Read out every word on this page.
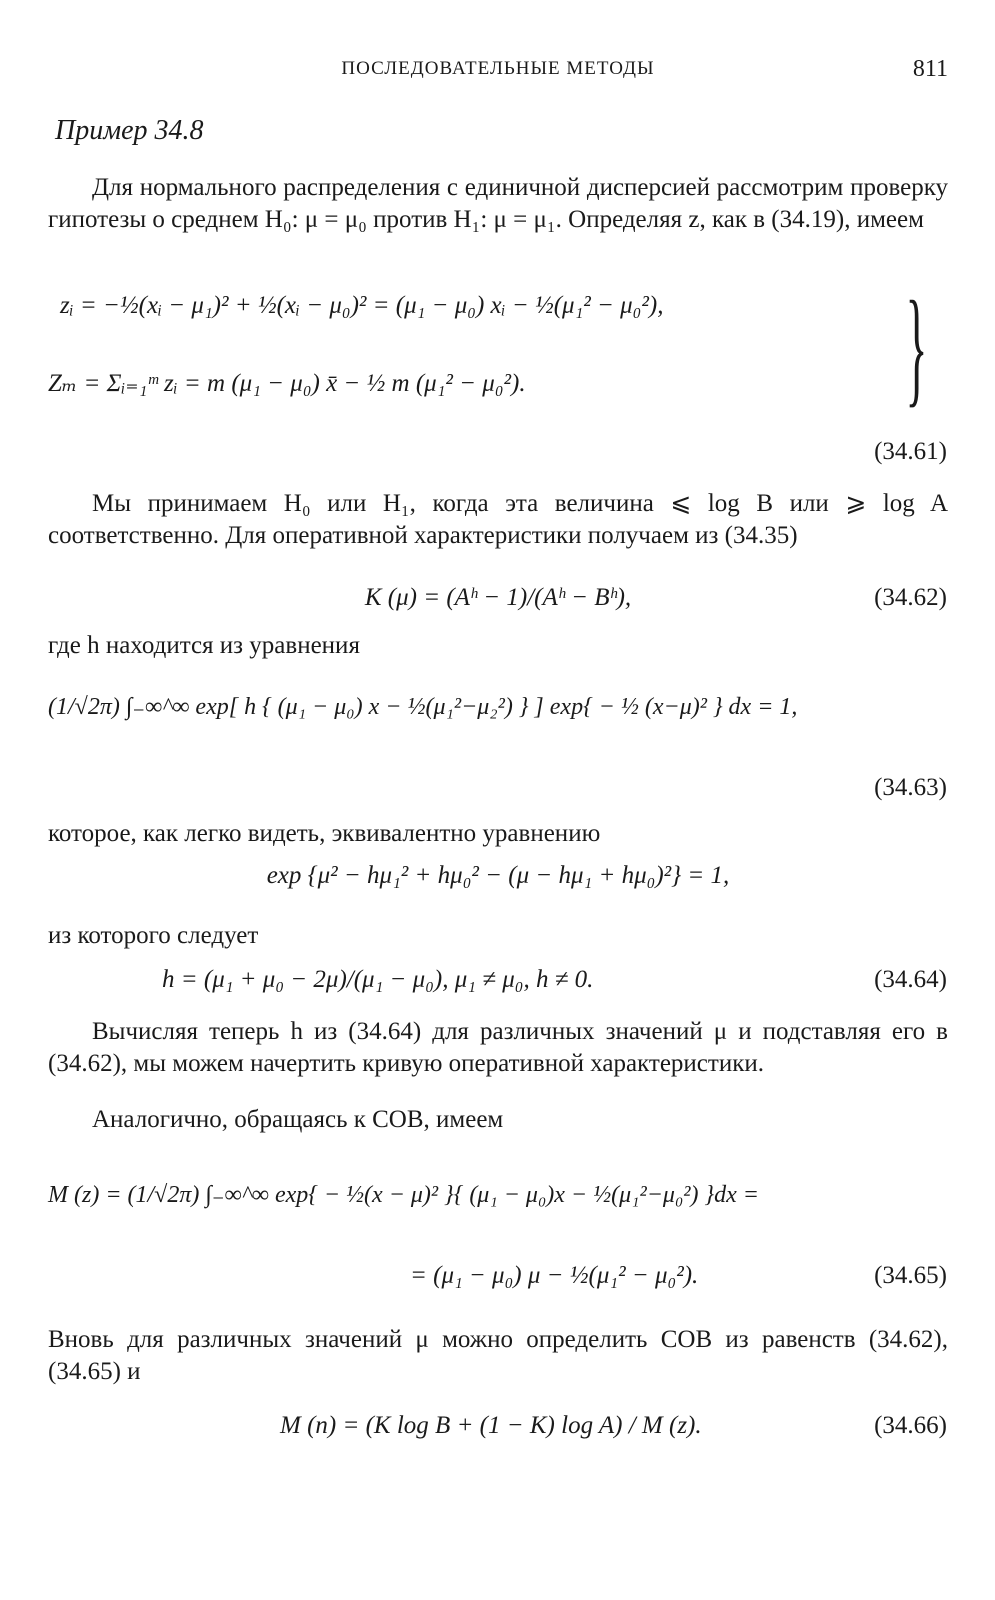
ПОСЛЕДОВАТЕЛЬНЫЕ МЕТОДЫ	811
Пример 34.8
Для нормального распределения с единичной дисперсией рассмотрим проверку гипотезы о среднем H₀: μ = μ₀ против H₁: μ = μ₁. Определяя z, как в (34.19), имеем
zᵢ = −½(xᵢ − μ₁)² + ½(xᵢ − μ₀)² = (μ₁ − μ₀) xᵢ − ½(μ₁² − μ₀²),
Zₘ = Σᵢ₌₁ᵐ zᵢ = m (μ₁ − μ₀) x̄ − ½ m (μ₁² − μ₀²).	}
(34.61)
Мы принимаем H₀ или H₁, когда эта величина ⩽ log B или ⩾ log A соответственно. Для оперативной характеристики получаем из (34.35)
K (μ) = (Aʰ − 1)/(Aʰ − Bʰ),	(34.62)
где h находится из уравнения
(1/√2π) ∫₋∞^∞ exp[ h { (μ₁ − μ₀) x − ½(μ₁²−μ₂²) } ] exp{ − ½ (x−μ)² } dx = 1,
(34.63)
которое, как легко видеть, эквивалентно уравнению
exp {μ² − hμ₁² + hμ₀² − (μ − hμ₁ + hμ₀)²} = 1,
из которого следует
h = (μ₁ + μ₀ − 2μ)/(μ₁ − μ₀), μ₁ ≠ μ₀, h ≠ 0.	(34.64)
Вычисляя теперь h из (34.64) для различных значений μ и подставляя его в (34.62), мы можем начертить кривую оперативной характеристики.
Аналогично, обращаясь к СОВ, имеем
M (z) = (1/√2π) ∫₋∞^∞ exp{ − ½(x − μ)² }{ (μ₁ − μ₀)x − ½(μ₁²−μ₀²) }dx =
= (μ₁ − μ₀) μ − ½(μ₁² − μ₀²).	(34.65)
Вновь для различных значений μ можно определить СОВ из равенств (34.62), (34.65) и
M (n) = (K log B + (1 − K) log A) / M (z).	(34.66)
